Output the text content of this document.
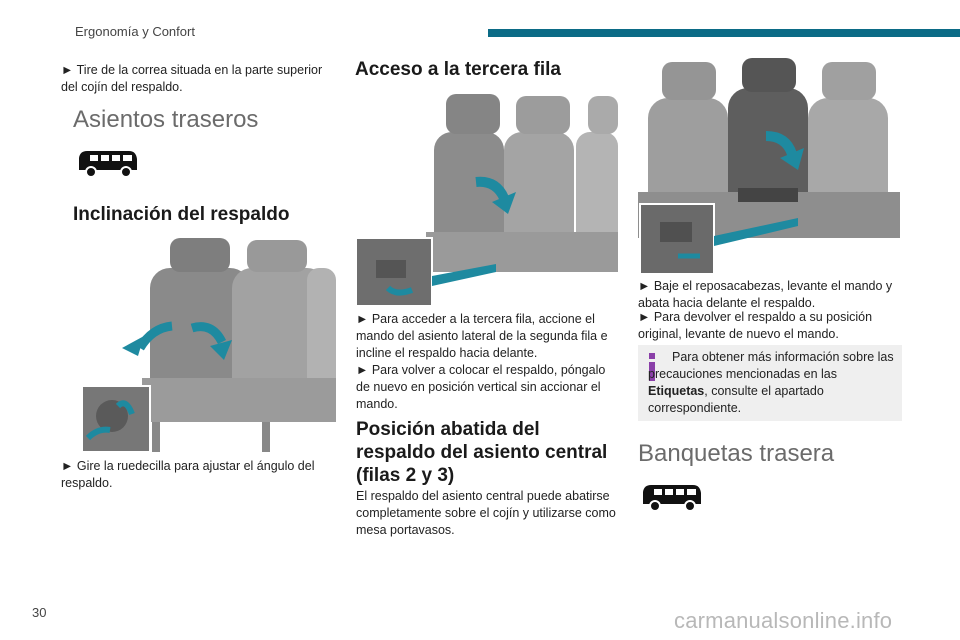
Ergonomía y Confort

► Tire de la correa situada en la parte superior del cojín del respaldo.

Asientos traseros
Inclinación del respaldo

► Gire la ruedecilla para ajustar el ángulo del respaldo.

Acceso a la tercera fila

► Para acceder a la tercera fila, accione el mando del asiento lateral de la segunda fila e incline el respaldo hacia delante.

► Para volver a colocar el respaldo, póngalo de nuevo en posición vertical sin accionar el mando.

Posición abatida del respaldo del asiento central (filas 2 y 3)

El respaldo del asiento central puede abatirse completamente sobre el cojín y utilizarse como mesa portavasos.

► Baje el reposacabezas, levante el mando y abata hacia delante el respaldo.

► Para devolver el respaldo a su posición original, levante de nuevo el mando.

Para obtener más información sobre las precauciones mencionadas en las Etiquetas, consulte el apartado correspondiente.

Banquetas trasera
30	carmanualsonline.info
